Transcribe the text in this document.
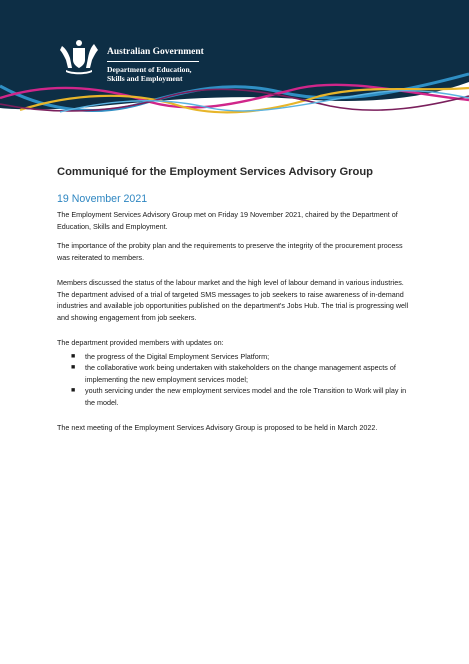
Australian Government
Department of Education,
Skills and Employment
Communiqué for the Employment Services Advisory Group
19 November 2021

The Employment Services Advisory Group met on Friday 19 November 2021, chaired by the Department of Education, Skills and Employment.

The importance of the probity plan and the requirements to preserve the integrity of the procurement process was reiterated to members.

Members discussed the status of the labour market and the high level of labour demand in various industries. The department advised of a trial of targeted SMS messages to job seekers to raise awareness of in-demand industries and available job opportunities published on the department's Jobs Hub. The trial is progressing well and showing engagement from job seekers.

The department provided members with updates on:

■ the progress of the Digital Employment Services Platform;
■ the collaborative work being undertaken with stakeholders on the change management aspects of implementing the new employment services model;
■ youth servicing under the new employment services model and the role Transition to Work will play in the model.

The next meeting of the Employment Services Advisory Group is proposed to be held in March 2022.
